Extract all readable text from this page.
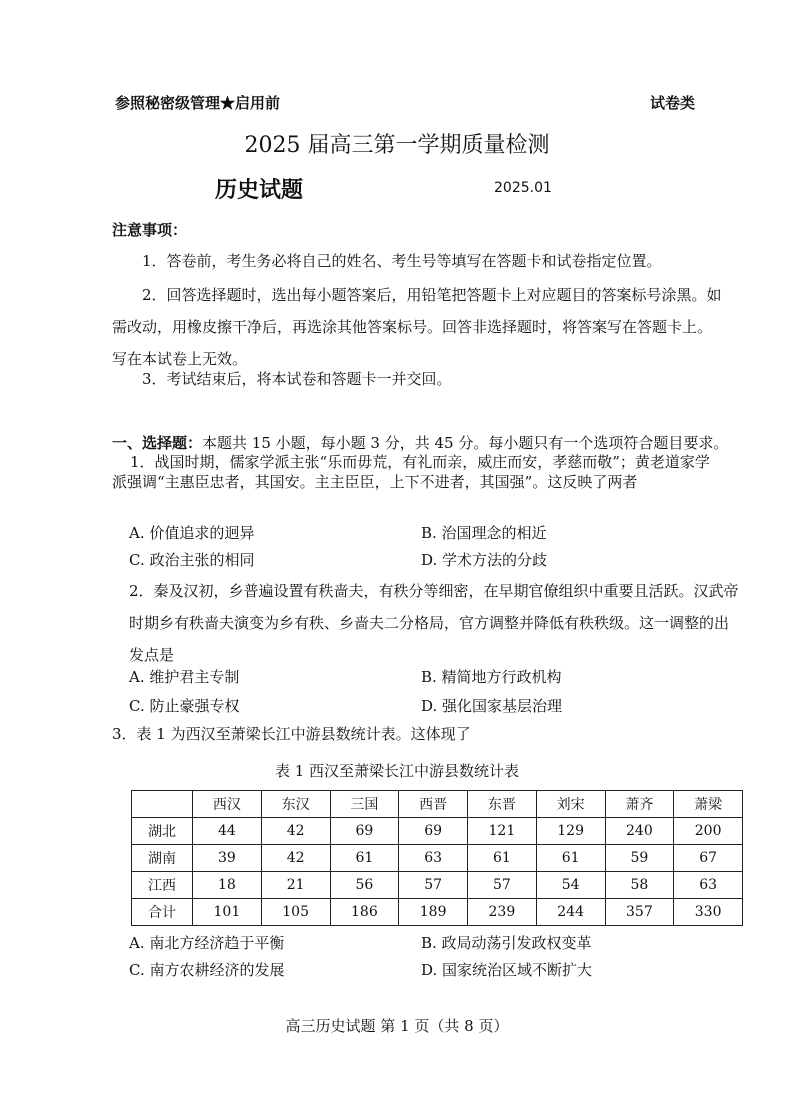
参照秘密级管理★启用前	试卷类
2025 届高三第一学期质量检测
历史试题	2025.01
注意事项：
1．答卷前，考生务必将自己的姓名、考生号等填写在答题卡和试卷指定位置。
2．回答选择题时，选出每小题答案后，用铅笔把答题卡上对应题目的答案标号涂黑。如需改动，用橡皮擦干净后，再选涂其他答案标号。回答非选择题时，将答案写在答题卡上。写在本试卷上无效。
3．考试结束后，将本试卷和答题卡一并交回。
一、选择题：本题共 15 小题，每小题 3 分，共 45 分。每小题只有一个选项符合题目要求。
1．战国时期，儒家学派主张“乐而毋荒，有礼而亲，威庄而安，孝慈而敬”；黄老道家学派强调“主惠臣忠者，其国安。主主臣臣，上下不进者，其国强”。这反映了两者
A. 价值追求的迥异	B. 治国理念的相近
C. 政治主张的相同	D. 学术方法的分歧
2．秦及汉初，乡普遍设置有秩啬夫，有秩分等细密，在早期官僚组织中重要且活跃。汉武帝时期乡有秩啬夫演变为乡有秩、乡啬夫二分格局，官方调整并降低有秩秩级。这一调整的出发点是
A. 维护君主专制	B. 精简地方行政机构
C. 防止豪强专权	D. 强化国家基层治理
3．表 1 为西汉至萧梁长江中游县数统计表。这体现了
表 1 西汉至萧梁长江中游县数统计表
	西汉	东汉	三国	西晋	东晋	刘宋	萧齐	萧梁
湖北	44	42	69	69	121	129	240	200
湖南	39	42	61	63	61	61	59	67
江西	18	21	56	57	57	54	58	63
合计	101	105	186	189	239	244	357	330
A. 南北方经济趋于平衡	B. 政局动荡引发政权变革
C. 南方农耕经济的发展	D. 国家统治区域不断扩大
高三历史试题 第 1 页（共 8 页）
